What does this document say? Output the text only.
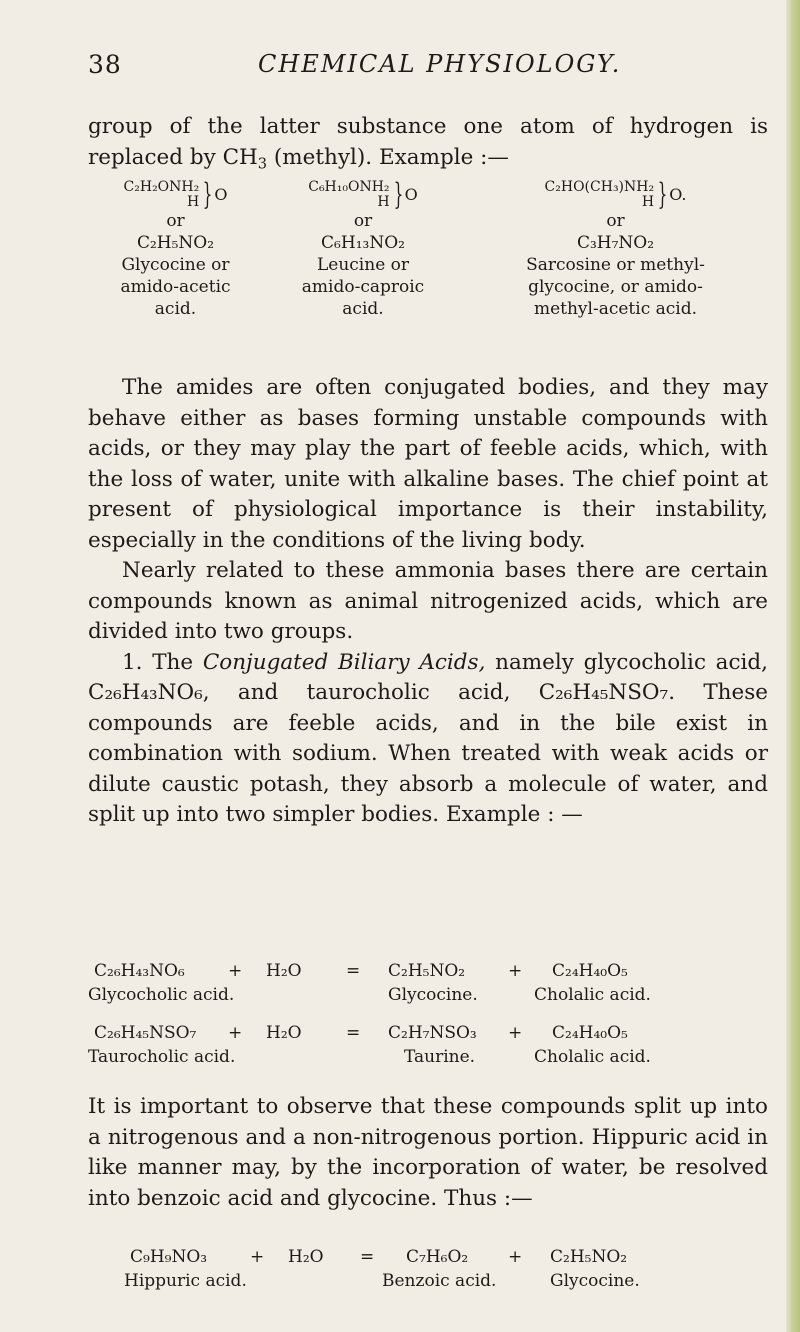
38	CHEMICAL PHYSIOLOGY.

group of the latter substance one atom of hydrogen is

replaced by $CH_3$ (methyl). Example :—

C₂H₂ONH₂
H } O
or
C₂H₅NO₂
Glycocine or
amido-acetic
acid.
C₆H₁₀ONH₂
H } O
or
C₆H₁₃NO₂
Leucine or
amido-caproic
acid.
C₂HO(CH₃)NH₂
H } O.
or
C₃H₇NO₂
Sarcosine or methyl-
glycocine, or amido-
methyl-acetic acid.

The amides are often conjugated bodies, and they may behave either as bases forming unstable compounds with acids, or they may play the part of feeble acids, which, with the loss of water, unite with alkaline bases. The chief point at present of physiological importance is their instability, especially in the conditions of the living body.

Nearly related to these ammonia bases there are certain compounds known as animal nitrogenized acids, which are divided into two groups.

1. The Conjugated Biliary Acids, namely glycocholic acid, C₂₆H₄₃NO₆, and taurocholic acid, C₂₆H₄₅NSO₇. These compounds are feeble acids, and in the bile exist in combination with sodium. When treated with weak acids or dilute caustic potash, they absorb a molecule of water, and split up into two simpler bodies. Example : —

C₂₆H₄₃NO₆	+ H₂O	= C₂H₅NO₂	+ C₂₄H₄₀O₅
Glycocholic acid.	Glycocine.	Cholalic acid.
C₂₆H₄₅NSO₇ + H₂O	= C₂H₇NSO₃ + C₂₄H₄₀O₅
Taurocholic acid.	Taurine.	Cholalic acid.

It is important to observe that these compounds split up into a nitrogenous and a non-nitrogenous portion. Hippuric acid in like manner may, by the incorporation of water, be resolved into benzoic acid and glycocine. Thus :—

C₉H₉NO₃	+ H₂O = C₇H₆O₂ + C₂H₅NO₂
Hippuric acid.	Benzoic acid.	Glycocine.
